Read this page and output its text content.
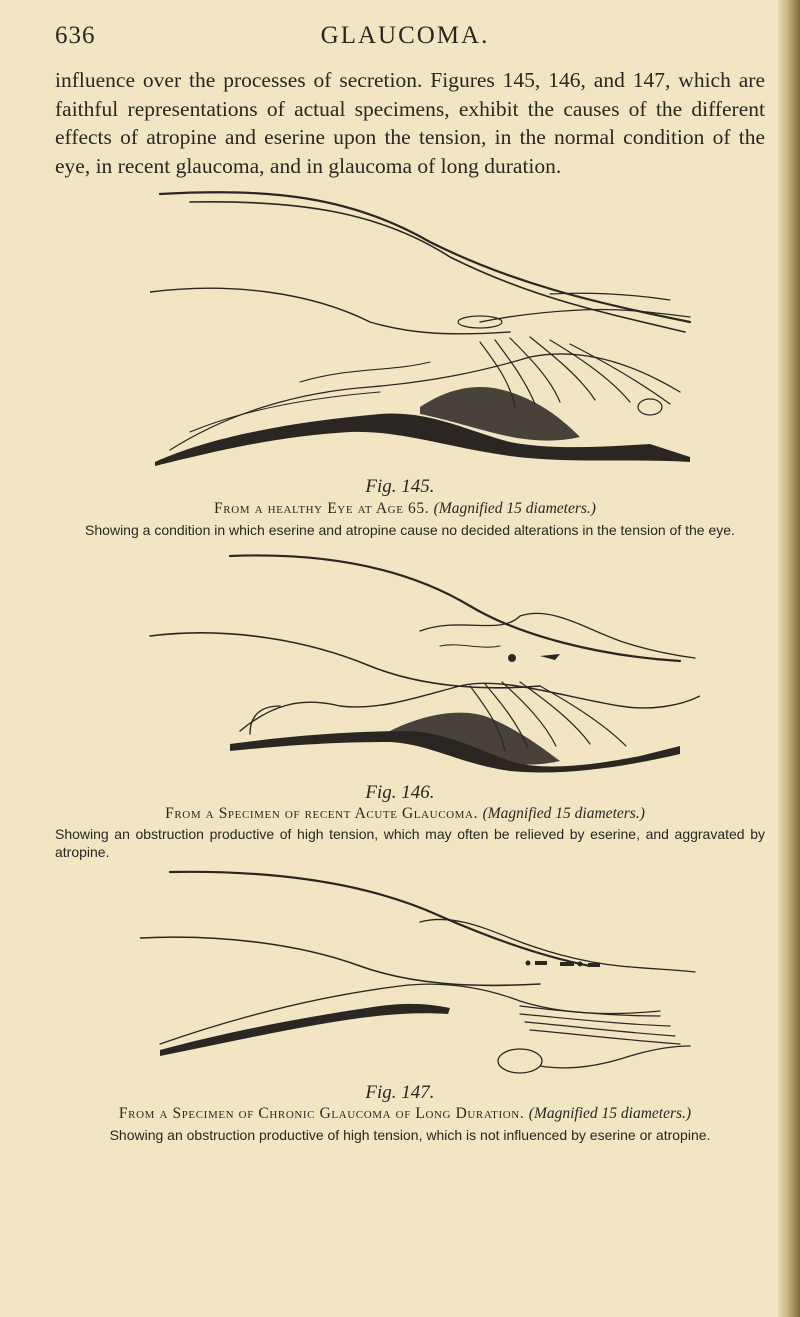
636	GLAUCOMA.
influence over the processes of secretion. Figures 145, 146, and 147, which are faithful representations of actual specimens, exhibit the causes of the different effects of atropine and eserine upon the tension, in the normal condition of the eye, in recent glaucoma, and in glaucoma of long duration.
Fig. 145.
From a healthy Eye at Age 65. (Magnified 15 diameters.)
Showing a condition in which eserine and atropine cause no decided alterations in the tension of the eye.
Fig. 146.
From a Specimen of recent Acute Glaucoma. (Magnified 15 diameters.)
Showing an obstruction productive of high tension, which may often be relieved by eserine, and aggravated by atropine.
Fig. 147.
From a Specimen of Chronic Glaucoma of Long Duration. (Magnified 15 diameters.)
Showing an obstruction productive of high tension, which is not influenced by eserine or atropine.
